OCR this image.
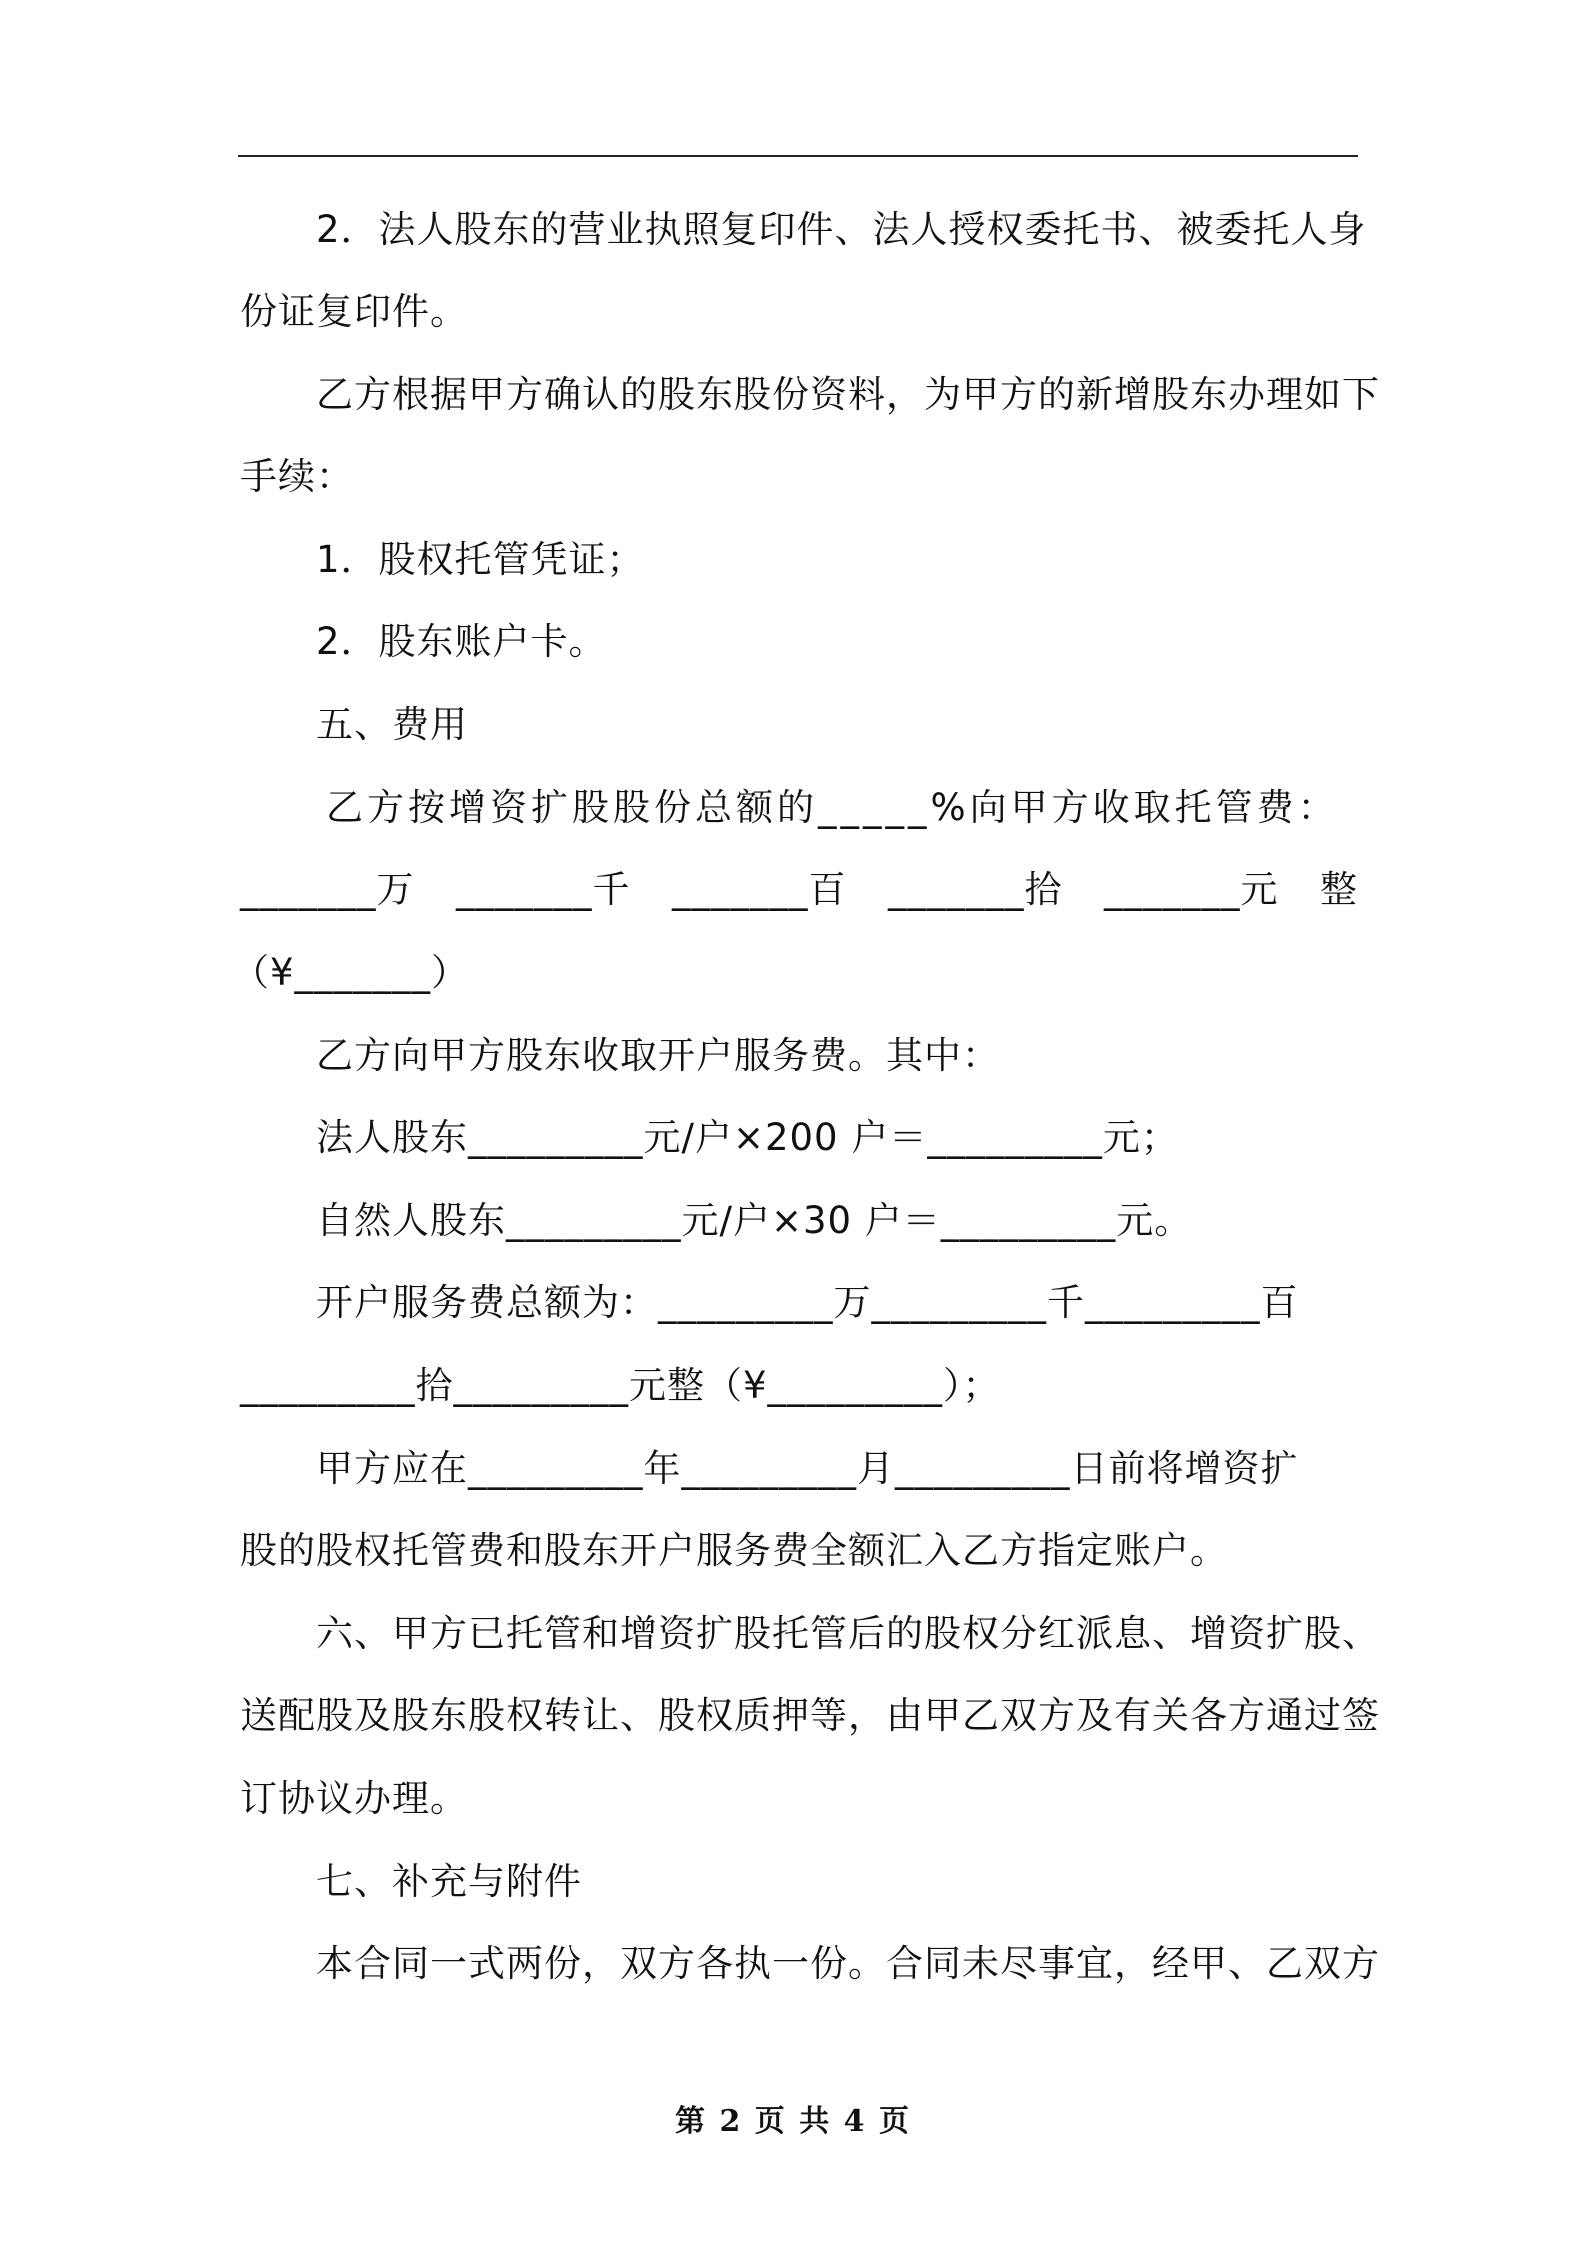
2．法人股东的营业执照复印件、法人授权委托书、被委托人身
份证复印件。
乙方根据甲方确认的股东股份资料，为甲方的新增股东办理如下
手续：
1．股权托管凭证；
2．股东账户卡。
五、费用
乙方按增资扩股股份总额的_____%向甲方收取托管费：
_______万 _______千 _______百 _______拾 _______元 整
（¥_______）
乙方向甲方股东收取开户服务费。其中：
法人股东_________元/户×200 户＝_________元；
自然人股东_________元/户×30 户＝_________元。
开户服务费总额为：_________万_________千_________百
_________拾_________元整（¥_________）；
甲方应在_________年_________月_________日前将增资扩
股的股权托管费和股东开户服务费全额汇入乙方指定账户。
六、甲方已托管和增资扩股托管后的股权分红派息、增资扩股、
送配股及股东股权转让、股权质押等，由甲乙双方及有关各方通过签
订协议办理。
七、补充与附件
本合同一式两份，双方各执一份。合同未尽事宜，经甲、乙双方
第 2 页 共 4 页
